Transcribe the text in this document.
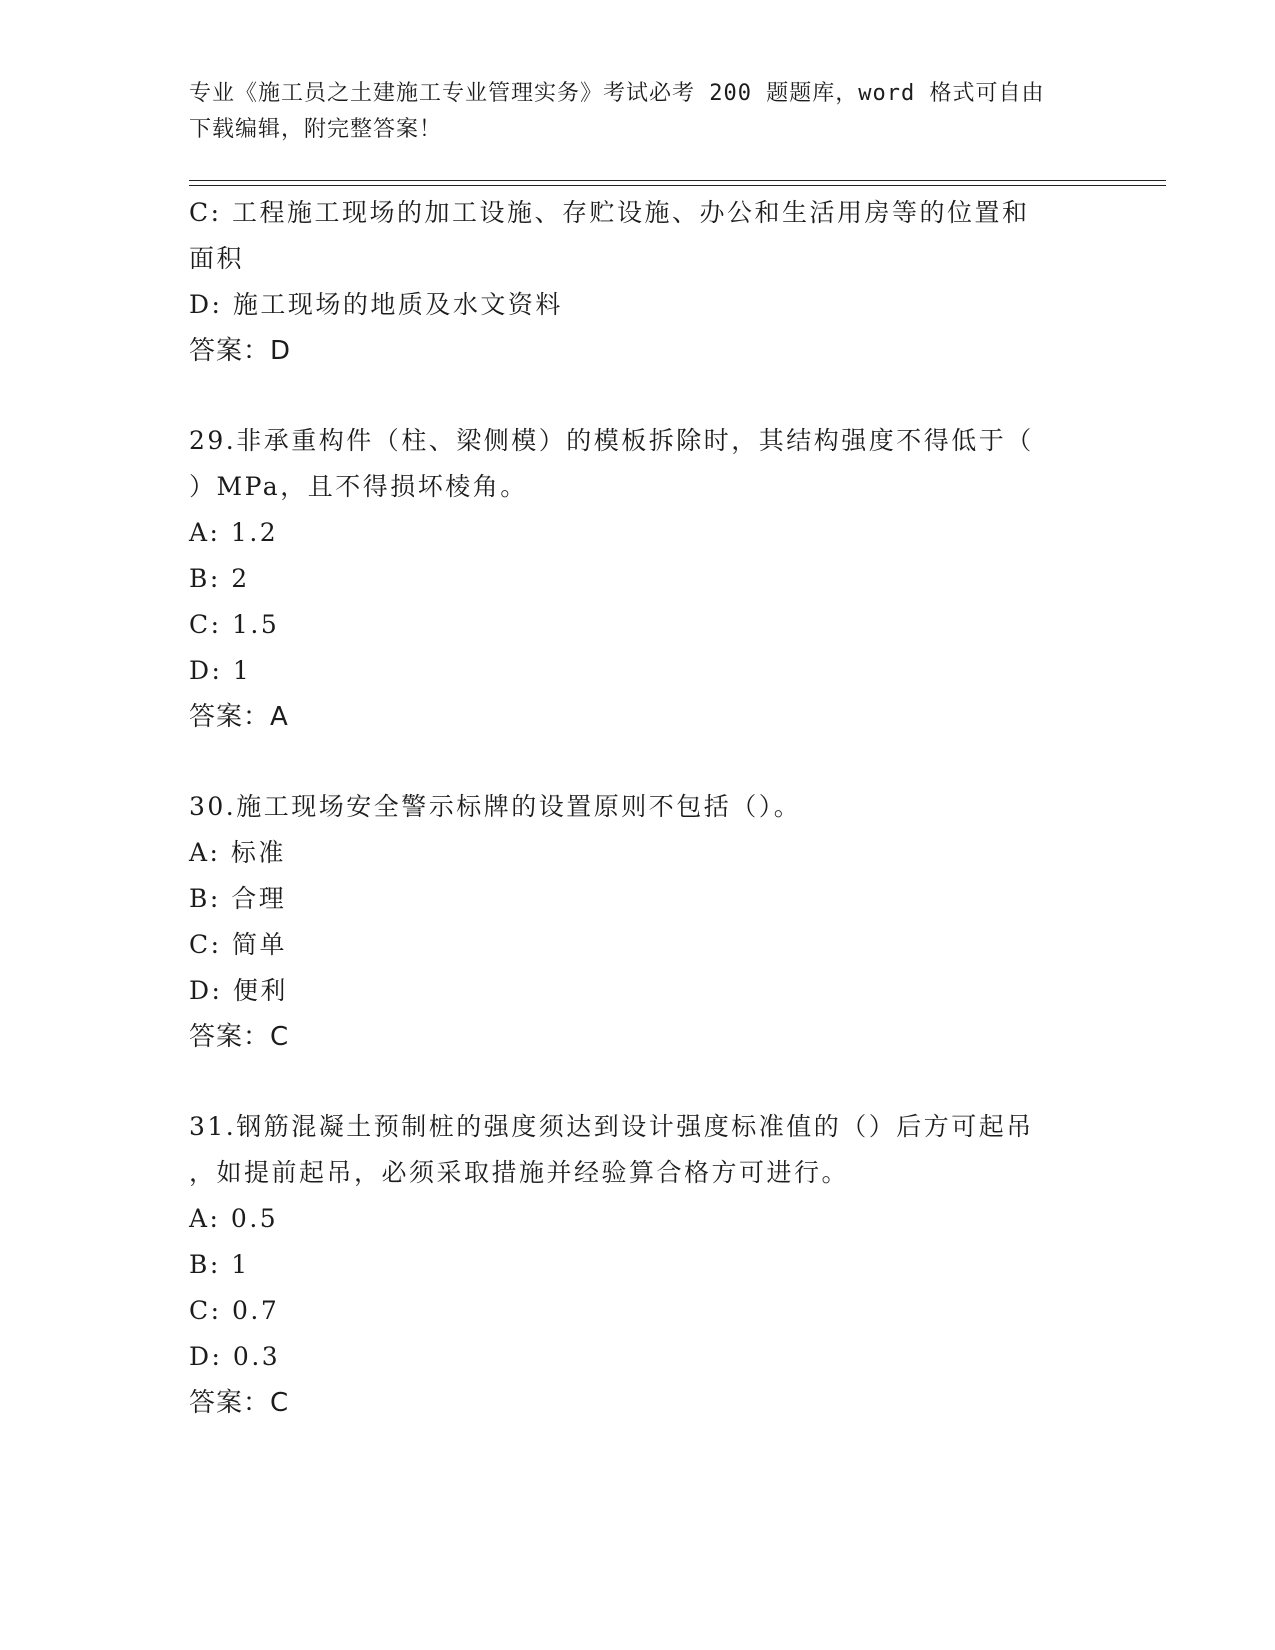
专业《施工员之土建施工专业管理实务》考试必考 200 题题库，word 格式可自由
下载编辑，附完整答案！
C: 工程施工现场的加工设施、存贮设施、办公和生活用房等的位置和
面积
D: 施工现场的地质及水文资料
答案：D
29.非承重构件（柱、梁侧模）的模板拆除时，其结构强度不得低于（
）MPa，且不得损坏棱角。
A: 1.2
B: 2
C: 1.5
D: 1
答案：A
30.施工现场安全警示标牌的设置原则不包括（）。
A: 标准
B: 合理
C: 简单
D: 便利
答案：C
31.钢筋混凝土预制桩的强度须达到设计强度标准值的（）后方可起吊
，如提前起吊，必须采取措施并经验算合格方可进行。
A: 0.5
B: 1
C: 0.7
D: 0.3
答案：C
